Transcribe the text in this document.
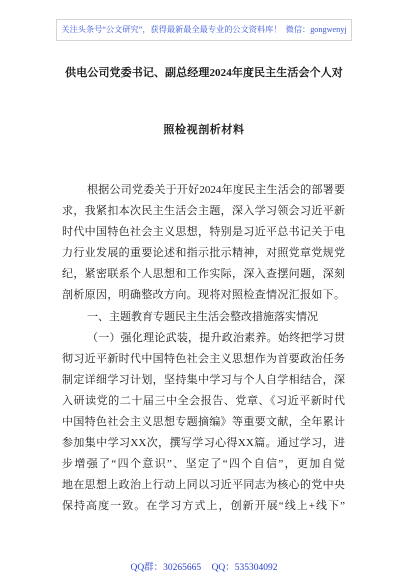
关注头条号“公文研究”，获得最新最全最专业的公文资料库！  微信：gongwenyj
供电公司党委书记、副总经理2024年度民主生活会个人对
照检视剖析材料
根据公司党委关于开好2024年度民主生活会的部署要
求，我紧扣本次民主生活会主题，深入学习领会习近平新
时代中国特色社会主义思想，特别是习近平总书记关于电
力行业发展的重要论述和指示批示精神，对照党章党规党
纪，紧密联系个人思想和工作实际，深入查摆问题，深刻
剖析原因，明确整改方向。现将对照检查情况汇报如下。
一、主题教育专题民主生活会整改措施落实情况
（一）强化理论武装，提升政治素养。始终把学习贯
彻习近平新时代中国特色社会主义思想作为首要政治任务
制定详细学习计划，坚持集中学习与个人自学相结合，深
入研读党的二十届三中全会报告、党章、《习近平新时代
中国特色社会主义思想专题摘编》等重要文献，全年累计
参加集中学习XX次，撰写学习心得XX篇。通过学习，进
步增强了“四个意识”、坚定了“四个自信”，更加自觉
地在思想上政治上行动上同以习近平同志为核心的党中央
保持高度一致。在学习方式上，创新开展“线上+线下”
QQ群：30265665 QQ：535304092
